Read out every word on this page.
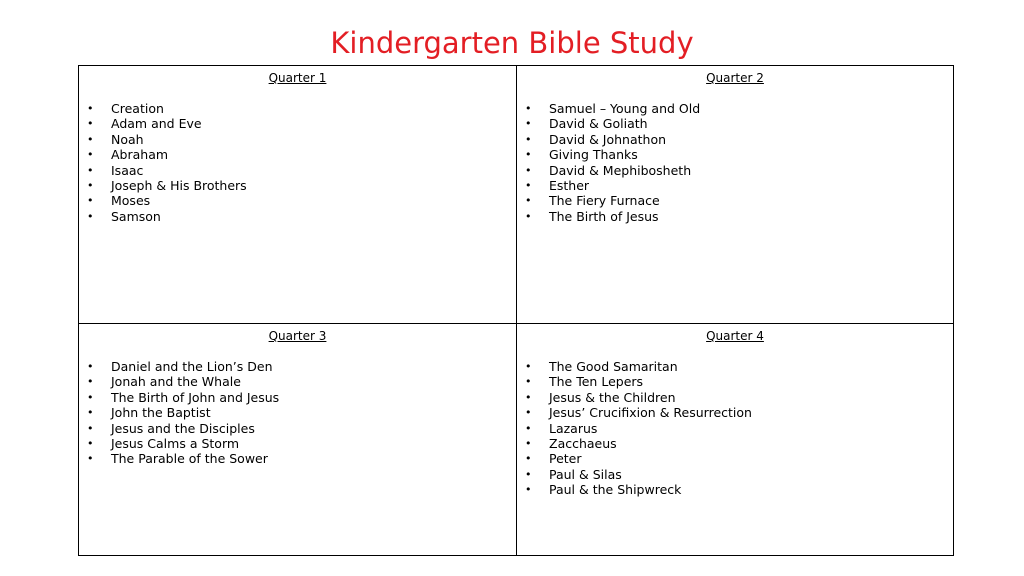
Kindergarten Bible Study

Quarter 1

•	Creation
•	Adam and Eve
•	Noah
•	Abraham
•	Isaac
•	Joseph & His Brothers
•	Moses
•	Samson

Quarter 2

•	Samuel – Young and Old
•	David & Goliath
•	David & Johnathon
•	Giving Thanks
•	David & Mephibosheth
•	Esther
•	The Fiery Furnace
•	The Birth of Jesus

Quarter 3

•	Daniel and the Lion’s Den
•	Jonah and the Whale
•	The Birth of John and Jesus
•	John the Baptist
•	Jesus and the Disciples
•	Jesus Calms a Storm
•	The Parable of the Sower

Quarter 4

•	The Good Samaritan
•	The Ten Lepers
•	Jesus & the Children
•	Jesus’ Crucifixion & Resurrection
•	Lazarus
•	Zacchaeus
•	Peter
•	Paul & Silas
•	Paul & the Shipwreck
